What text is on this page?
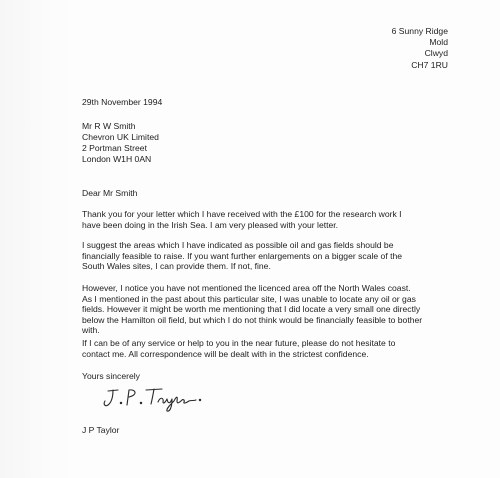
6 Sunny Ridge
Mold
Clwyd
CH7 1RU
29th November 1994
Mr R W Smith
Chevron UK Limited
2 Portman Street
London W1H 0AN
Dear Mr Smith
Thank you for your letter which I have received with the £100 for the research work I
have been doing in the Irish Sea. I am very pleased with your letter.
I suggest the areas which I have indicated as possible oil and gas fields should be
financially feasible to raise. If you want further enlargements on a bigger scale of the
South Wales sites, I can provide them. If not, fine.
However, I notice you have not mentioned the licenced area off the North Wales coast.
As I mentioned in the past about this particular site, I was unable to locate any oil or gas
fields. However it might be worth me mentioning that I did locate a very small one directly
below the Hamilton oil field, but which I do not think would be financially feasible to bother
with.
If I can be of any service or help to you in the near future, please do not hesitate to
contact me. All correspondence will be dealt with in the strictest confidence.
Yours sincerely
J P Taylor
